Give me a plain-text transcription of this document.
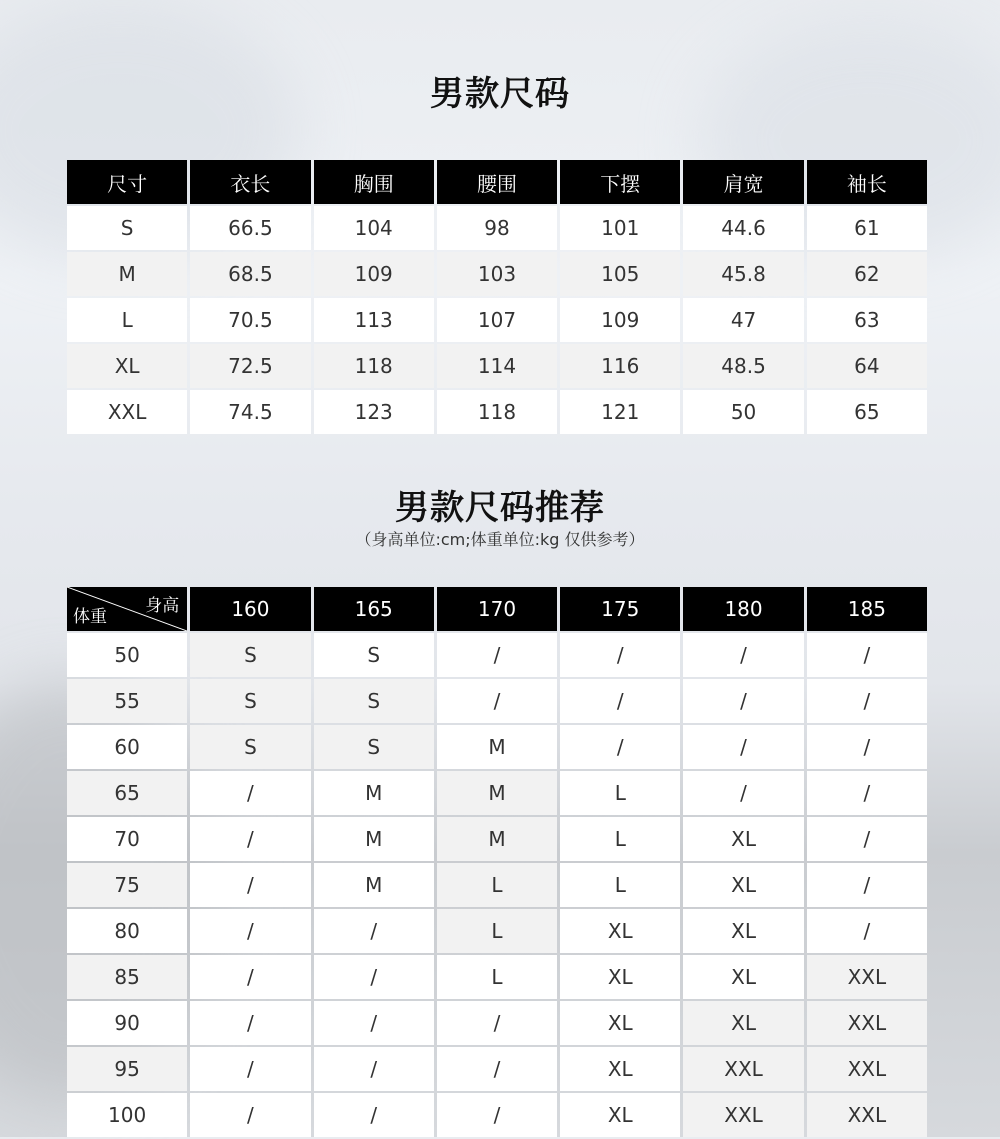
男款尺码
尺寸	衣长	胸围	腰围	下摆	肩宽	袖长
S	66.5	104	98	101	44.6	61
M	68.5	109	103	105	45.8	62
L	70.5	113	107	109	47	63
XL	72.5	118	114	116	48.5	64
XXL	74.5	123	118	121	50	65
男款尺码推荐
（身高单位:cm;体重单位:kg 仅供参考）
身高
体重	160	165	170	175	180	185
50	S	S	/	/	/	/
55	S	S	/	/	/	/
60	S	S	M	/	/	/
65	/	M	M	L	/	/
70	/	M	M	L	XL	/
75	/	M	L	L	XL	/
80	/	/	L	XL	XL	/
85	/	/	L	XL	XL	XXL
90	/	/	/	XL	XL	XXL
95	/	/	/	XL	XXL	XXL
100	/	/	/	XL	XXL	XXL
